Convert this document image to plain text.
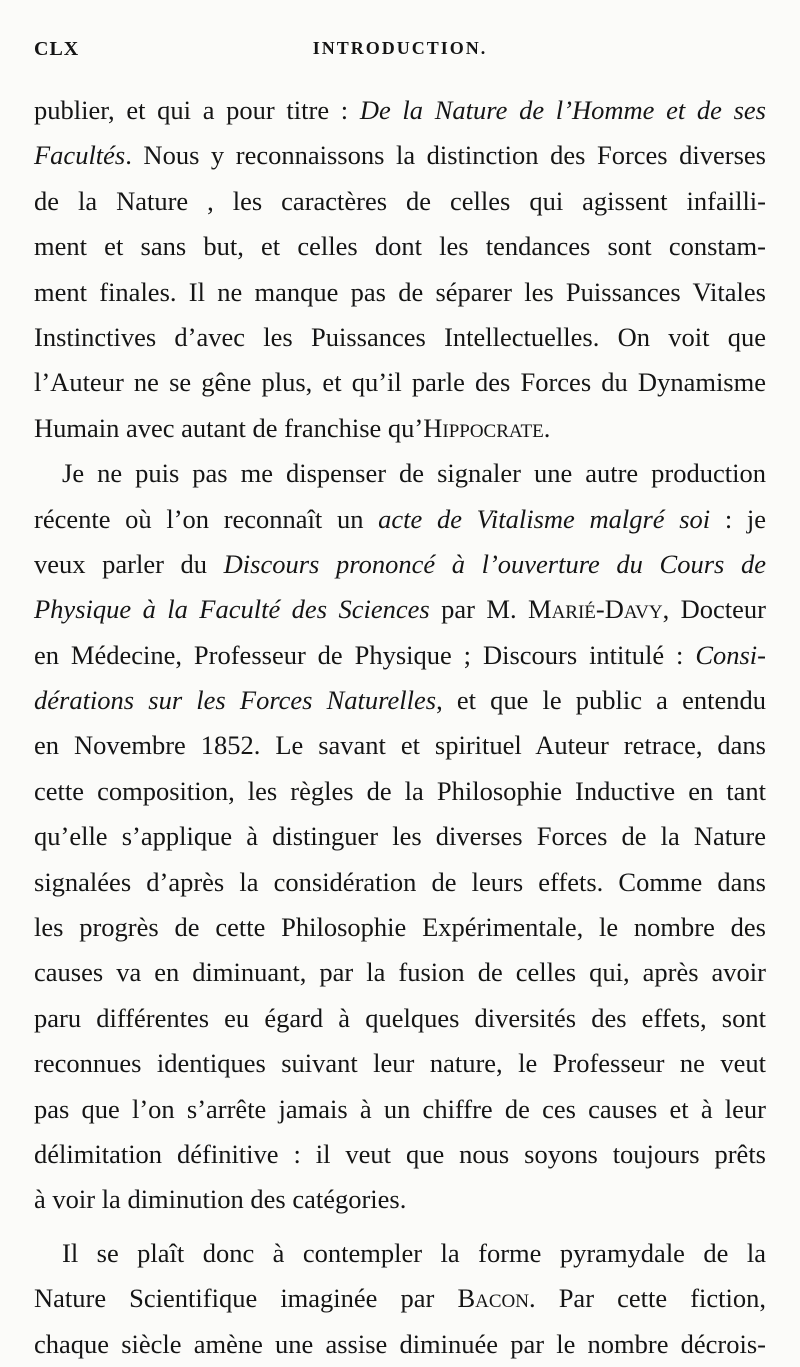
CLX	INTRODUCTION.
publier, et qui a pour titre : De la Nature de l’Homme et de ses
Facultés. Nous y reconnaissons la distinction des Forces diverses
de la Nature , les caractères de celles qui agissent infailli-
ment et sans but, et celles dont les tendances sont constam-
ment finales. Il ne manque pas de séparer les Puissances Vitales
Instinctives d’avec les Puissances Intellectuelles. On voit que
l’Auteur ne se gêne plus, et qu’il parle des Forces du Dynamisme
Humain avec autant de franchise qu’Hippocrate.
Je ne puis pas me dispenser de signaler une autre production
récente où l’on reconnaît un acte de Vitalisme malgré soi : je
veux parler du Discours prononcé à l’ouverture du Cours de
Physique à la Faculté des Sciences par M. Marié-Davy, Docteur
en Médecine, Professeur de Physique ; Discours intitulé : Consi-
dérations sur les Forces Naturelles, et que le public a entendu
en Novembre 1852. Le savant et spirituel Auteur retrace, dans
cette composition, les règles de la Philosophie Inductive en tant
qu’elle s’applique à distinguer les diverses Forces de la Nature
signalées d’après la considération de leurs effets. Comme dans
les progrès de cette Philosophie Expérimentale, le nombre des
causes va en diminuant, par la fusion de celles qui, après avoir
paru différentes eu égard à quelques diversités des effets, sont
reconnues identiques suivant leur nature, le Professeur ne veut
pas que l’on s’arrête jamais à un chiffre de ces causes et à leur
délimitation définitive : il veut que nous soyons toujours prêts
à voir la diminution des catégories.
Il se plaît donc à contempler la forme pyramydale de la
Nature Scientifique imaginée par Bacon. Par cette fiction,
chaque siècle amène une assise diminuée par le nombre décrois-
